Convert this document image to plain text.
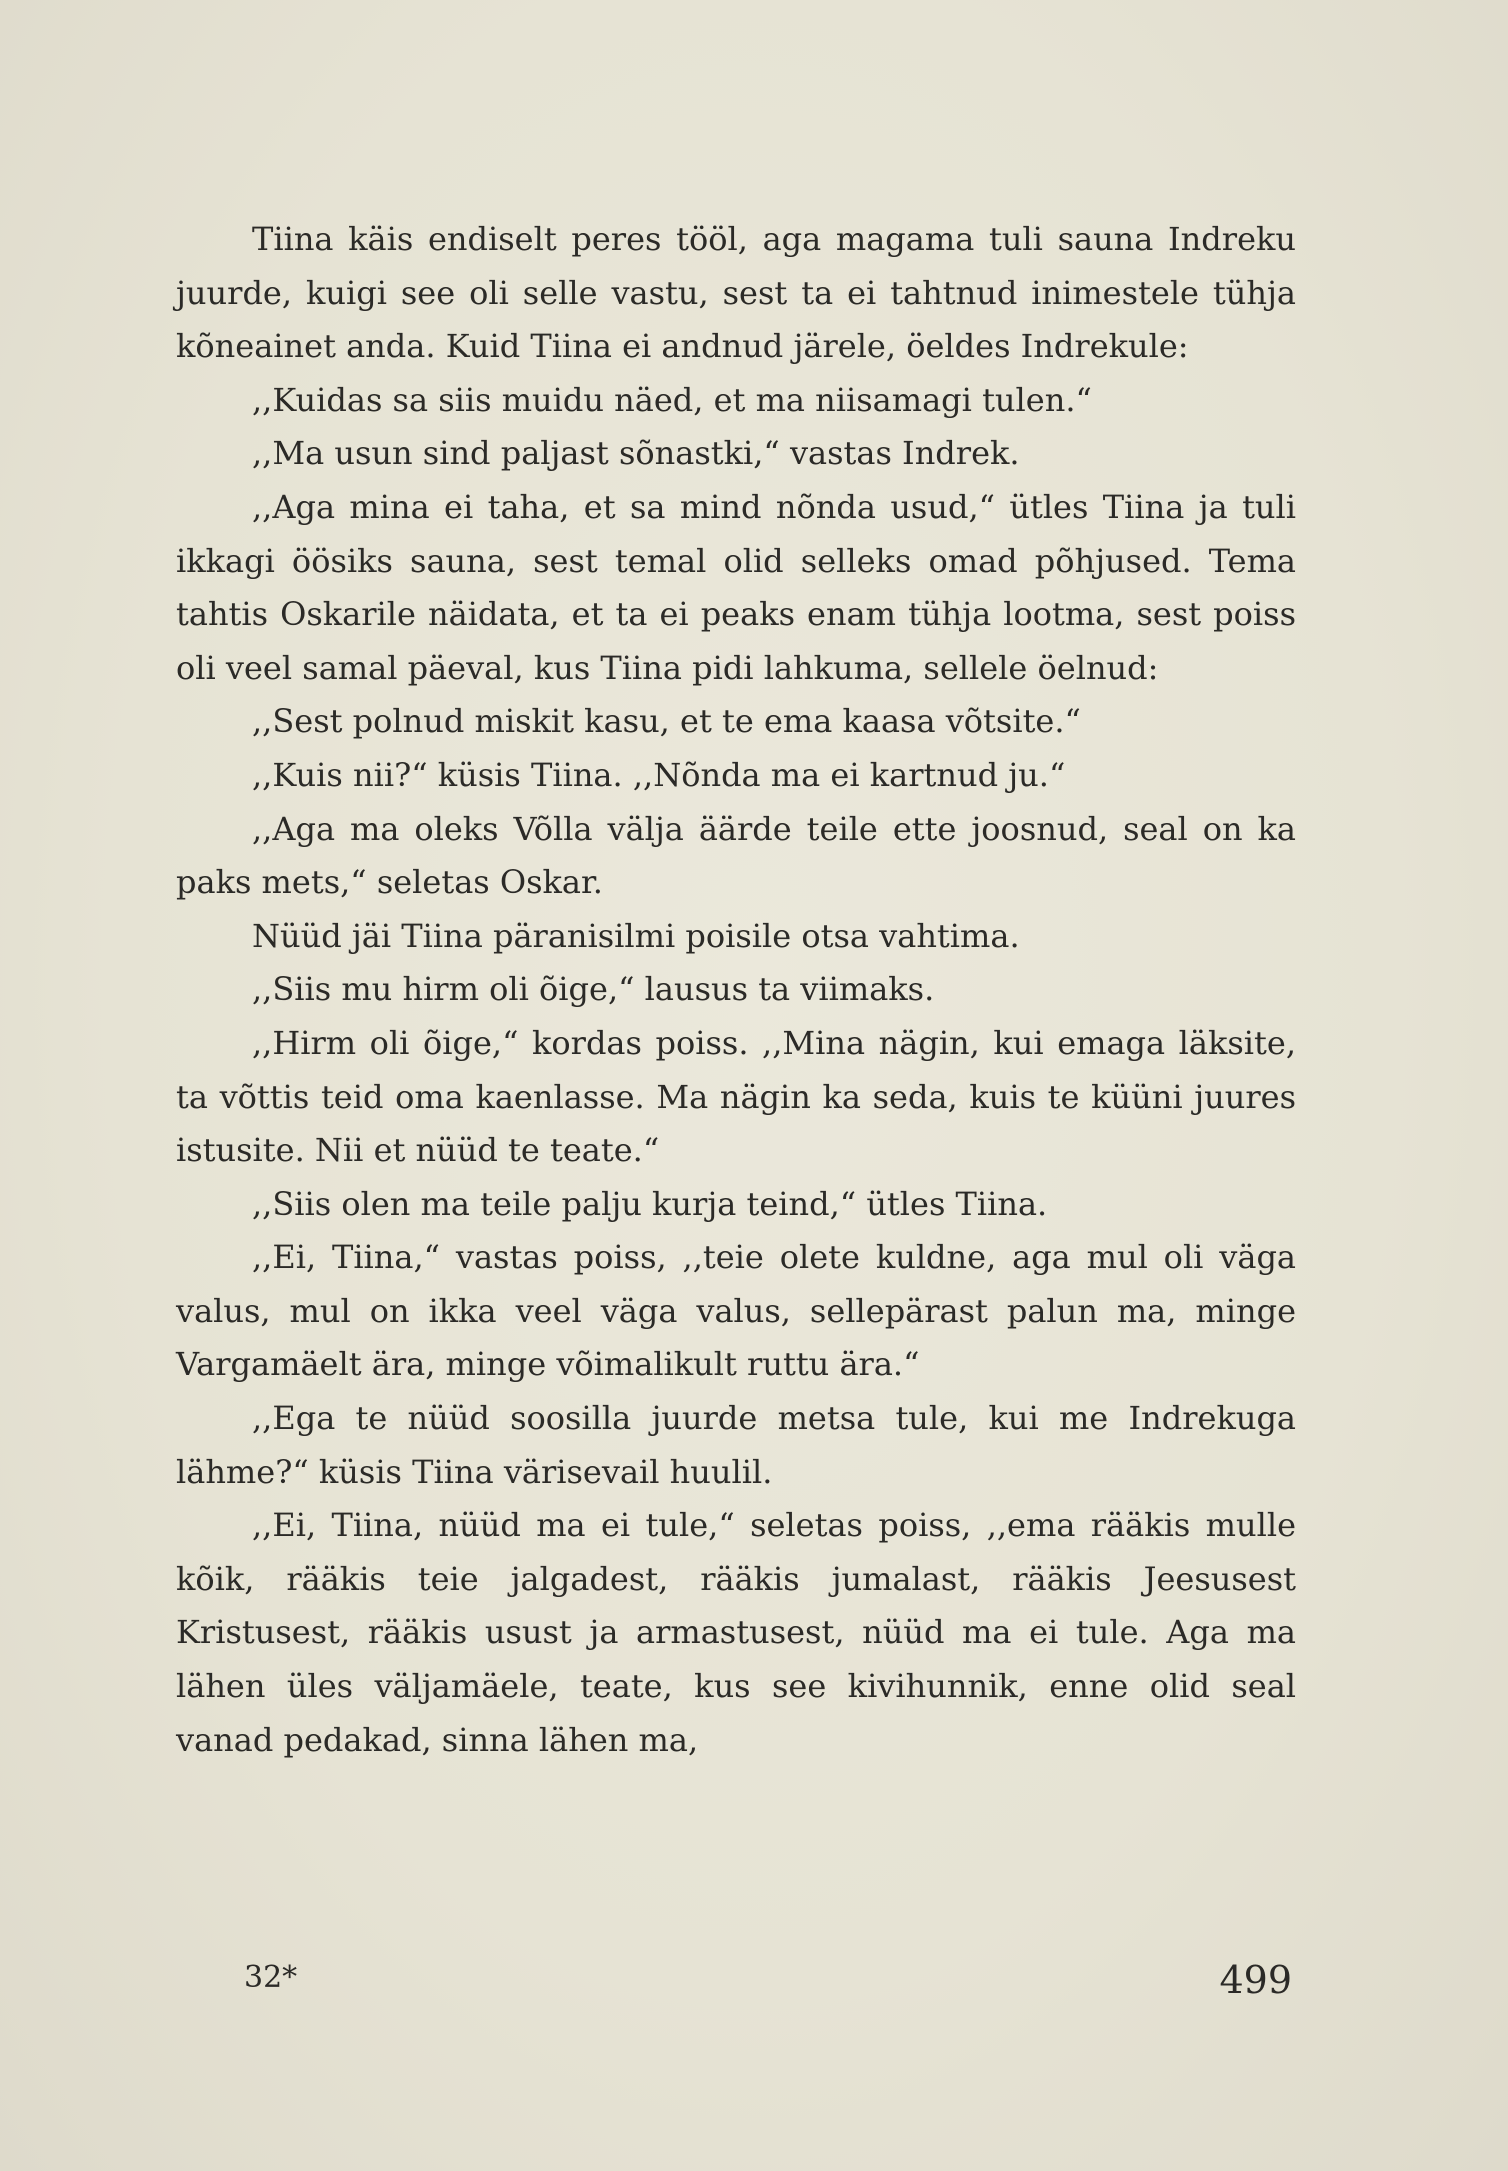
Tiina käis endiselt peres tööl, aga magama tuli sauna Indreku juurde, kuigi see oli selle vastu, sest ta ei tahtnud inimestele tühja kõneainet anda. Kuid Tiina ei andnud järele, öeldes Indrekule:

,,Kuidas sa siis muidu näed, et ma niisamagi tulen.“

,,Ma usun sind paljast sõnastki,“ vastas Indrek.

,,Aga mina ei taha, et sa mind nõnda usud,“ ütles Tiina ja tuli ikkagi öösiks sauna, sest temal olid selleks omad põhjused. Tema tahtis Oskarile näidata, et ta ei peaks enam tühja lootma, sest poiss oli veel samal päeval, kus Tiina pidi lahkuma, sellele öelnud:

,,Sest polnud miskit kasu, et te ema kaasa võtsite.“

,,Kuis nii?“ küsis Tiina. ,,Nõnda ma ei kartnud ju.“

,,Aga ma oleks Võlla välja äärde teile ette joosnud, seal on ka paks mets,“ seletas Oskar.

Nüüd jäi Tiina päranisilmi poisile otsa vahtima.

,,Siis mu hirm oli õige,“ lausus ta viimaks.

,,Hirm oli õige,“ kordas poiss. ,,Mina nägin, kui emaga läksite, ta võttis teid oma kaenlasse. Ma nägin ka seda, kuis te küüni juures istusite. Nii et nüüd te teate.“

,,Siis olen ma teile palju kurja teind,“ ütles Tiina.

,,Ei, Tiina,“ vastas poiss, ,,teie olete kuldne, aga mul oli väga valus, mul on ikka veel väga valus, sellepärast palun ma, minge Vargamäelt ära, minge võimalikult ruttu ära.“

,,Ega te nüüd soosilla juurde metsa tule, kui me Indrekuga lähme?“ küsis Tiina värisevail huulil.

,,Ei, Tiina, nüüd ma ei tule,“ seletas poiss, ,,ema rääkis mulle kõik, rääkis teie jalgadest, rääkis jumalast, rääkis Jeesusest Kristusest, rääkis usust ja armastusest, nüüd ma ei tule. Aga ma lähen üles väljamäele, teate, kus see kivihunnik, enne olid seal vanad pedakad, sinna lähen ma,

32*	499
